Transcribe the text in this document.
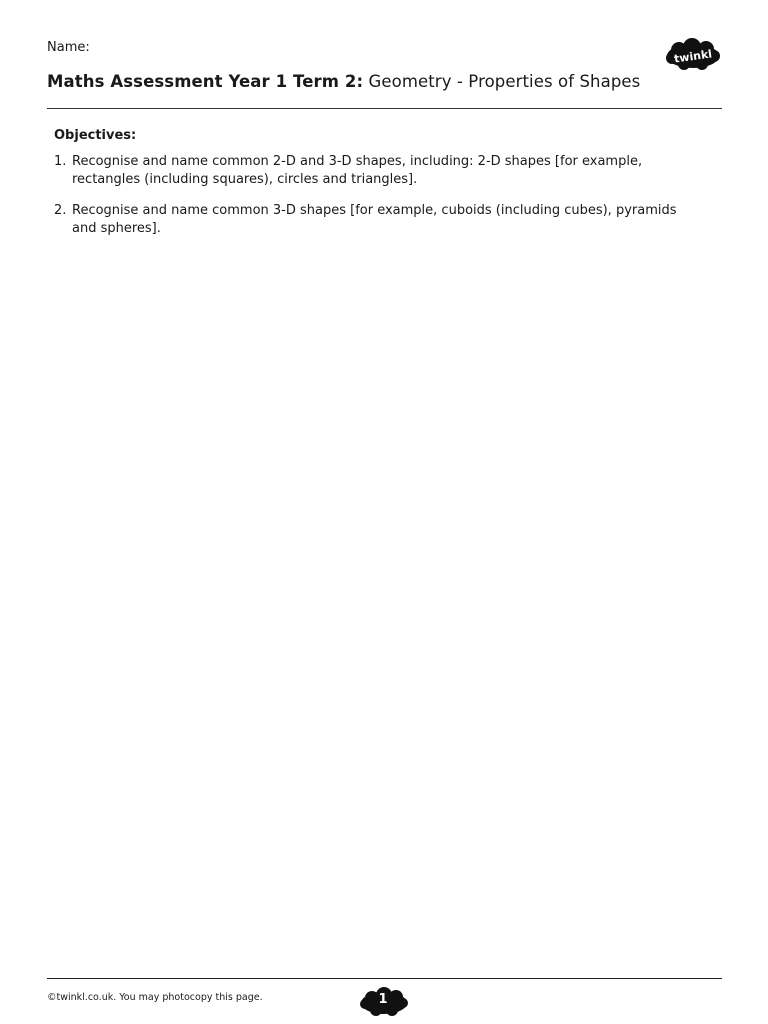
Name:
Maths Assessment Year 1 Term 2: Geometry - Properties of Shapes
twinkl
Objectives:
1. Recognise and name common 2-D and 3-D shapes, including: 2-D shapes [for example, rectangles (including squares), circles and triangles].
2. Recognise and name common 3-D shapes [for example, cuboids (including cubes), pyramids and spheres].
©twinkl.co.uk. You may photocopy this page.	1
